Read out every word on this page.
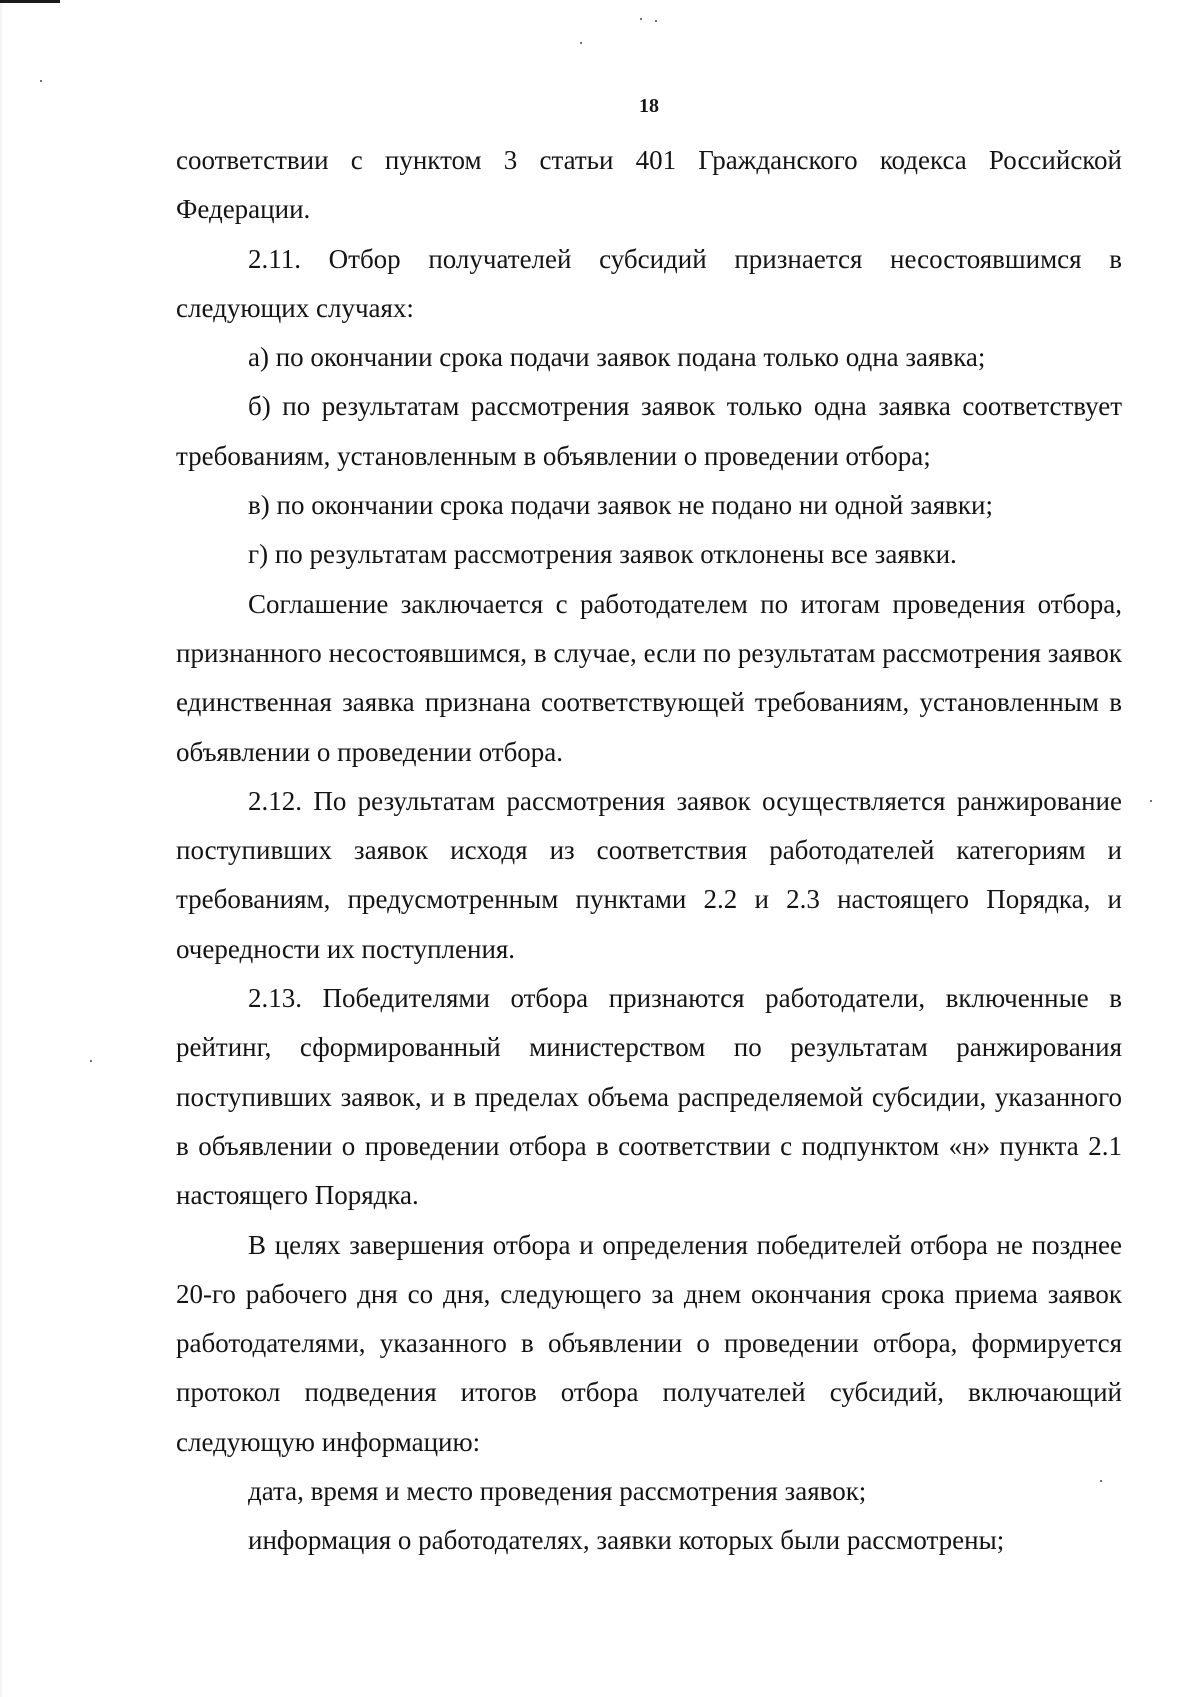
18

соответствии с пунктом 3 статьи 401 Гражданского кодекса Российской Федерации.

2.11. Отбор получателей субсидий признается несостоявшимся в следующих случаях:

а) по окончании срока подачи заявок подана только одна заявка;

б) по результатам рассмотрения заявок только одна заявка соответствует требованиям, установленным в объявлении о проведении отбора;

в) по окончании срока подачи заявок не подано ни одной заявки;

г) по результатам рассмотрения заявок отклонены все заявки.

Соглашение заключается с работодателем по итогам проведения отбора, признанного несостоявшимся, в случае, если по результатам рассмотрения заявок единственная заявка признана соответствующей требованиям, установленным в объявлении о проведении отбора.

2.12. По результатам рассмотрения заявок осуществляется ранжирование поступивших заявок исходя из соответствия работодателей категориям и требованиям, предусмотренным пунктами 2.2 и 2.3 настоящего Порядка, и очередности их поступления.

2.13. Победителями отбора признаются работодатели, включенные в рейтинг, сформированный министерством по результатам ранжирования поступивших заявок, и в пределах объема распределяемой субсидии, указанного в объявлении о проведении отбора в соответствии с подпунктом «н» пункта 2.1 настоящего Порядка.

В целях завершения отбора и определения победителей отбора не позднее 20-го рабочего дня со дня, следующего за днем окончания срока приема заявок работодателями, указанного в объявлении о проведении отбора, формируется протокол подведения итогов отбора получателей субсидий, включающий следующую информацию:

дата, время и место проведения рассмотрения заявок;

информация о работодателях, заявки которых были рассмотрены;
